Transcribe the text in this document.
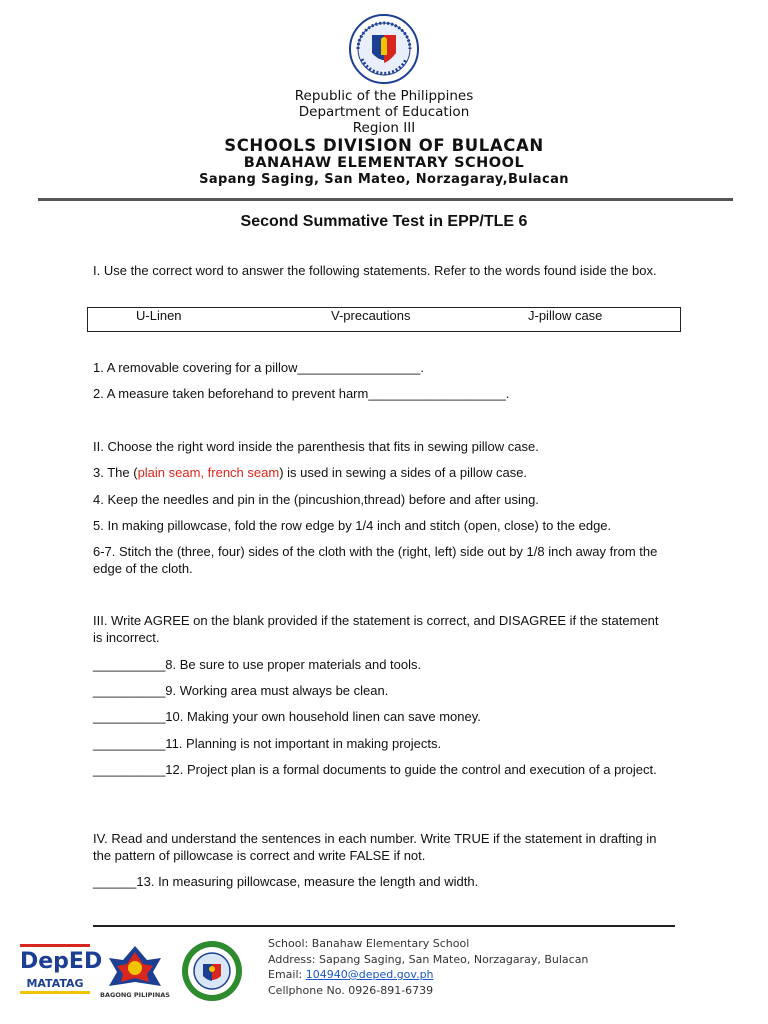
Republic of the Philippines
Department of Education
Region III
SCHOOLS DIVISION OF BULACAN
BANAHAW ELEMENTARY SCHOOL
Sapang Saging, San Mateo, Norzagaray,Bulacan
Second Summative Test in EPP/TLE 6
I. Use the correct word to answer the following statements. Refer to the words found iside the box.
U-Linen	V-precautions	J-pillow case
1. A removable covering for a pillow_________________.
2. A measure taken beforehand to prevent harm___________________.
II. Choose the right word inside the parenthesis that fits in sewing pillow case.
3. The (plain seam, french seam) is used in sewing a sides of a pillow case.
4. Keep the needles and pin in the (pincushion,thread) before and after using.
5. In making pillowcase, fold the row edge by 1/4 inch and stitch (open, close) to the edge.
6-7. Stitch the (three, four) sides of the cloth with the (right, left) side out by 1/8 inch away from the edge of the cloth.
III. Write AGREE on the blank provided if the statement is correct, and DISAGREE if the statement is incorrect.
__________8. Be sure to use proper materials and tools.
__________9. Working area must always be clean.
__________10. Making your own household linen can save money.
__________11. Planning is not important in making projects.
__________12. Project plan is a formal documents to guide the control and execution of a project.
IV. Read and understand the sentences in each number. Write TRUE if the statement in drafting in the pattern of pillowcase is correct and write FALSE if not.
______13. In measuring pillowcase, measure the length and width.
DepED
MATATAG
BAGONG PILIPINAS
School: Banahaw Elementary School
Address: Sapang Saging, San Mateo, Norzagaray, Bulacan
Email: 104940@deped.gov.ph
Cellphone No. 0926-891-6739
